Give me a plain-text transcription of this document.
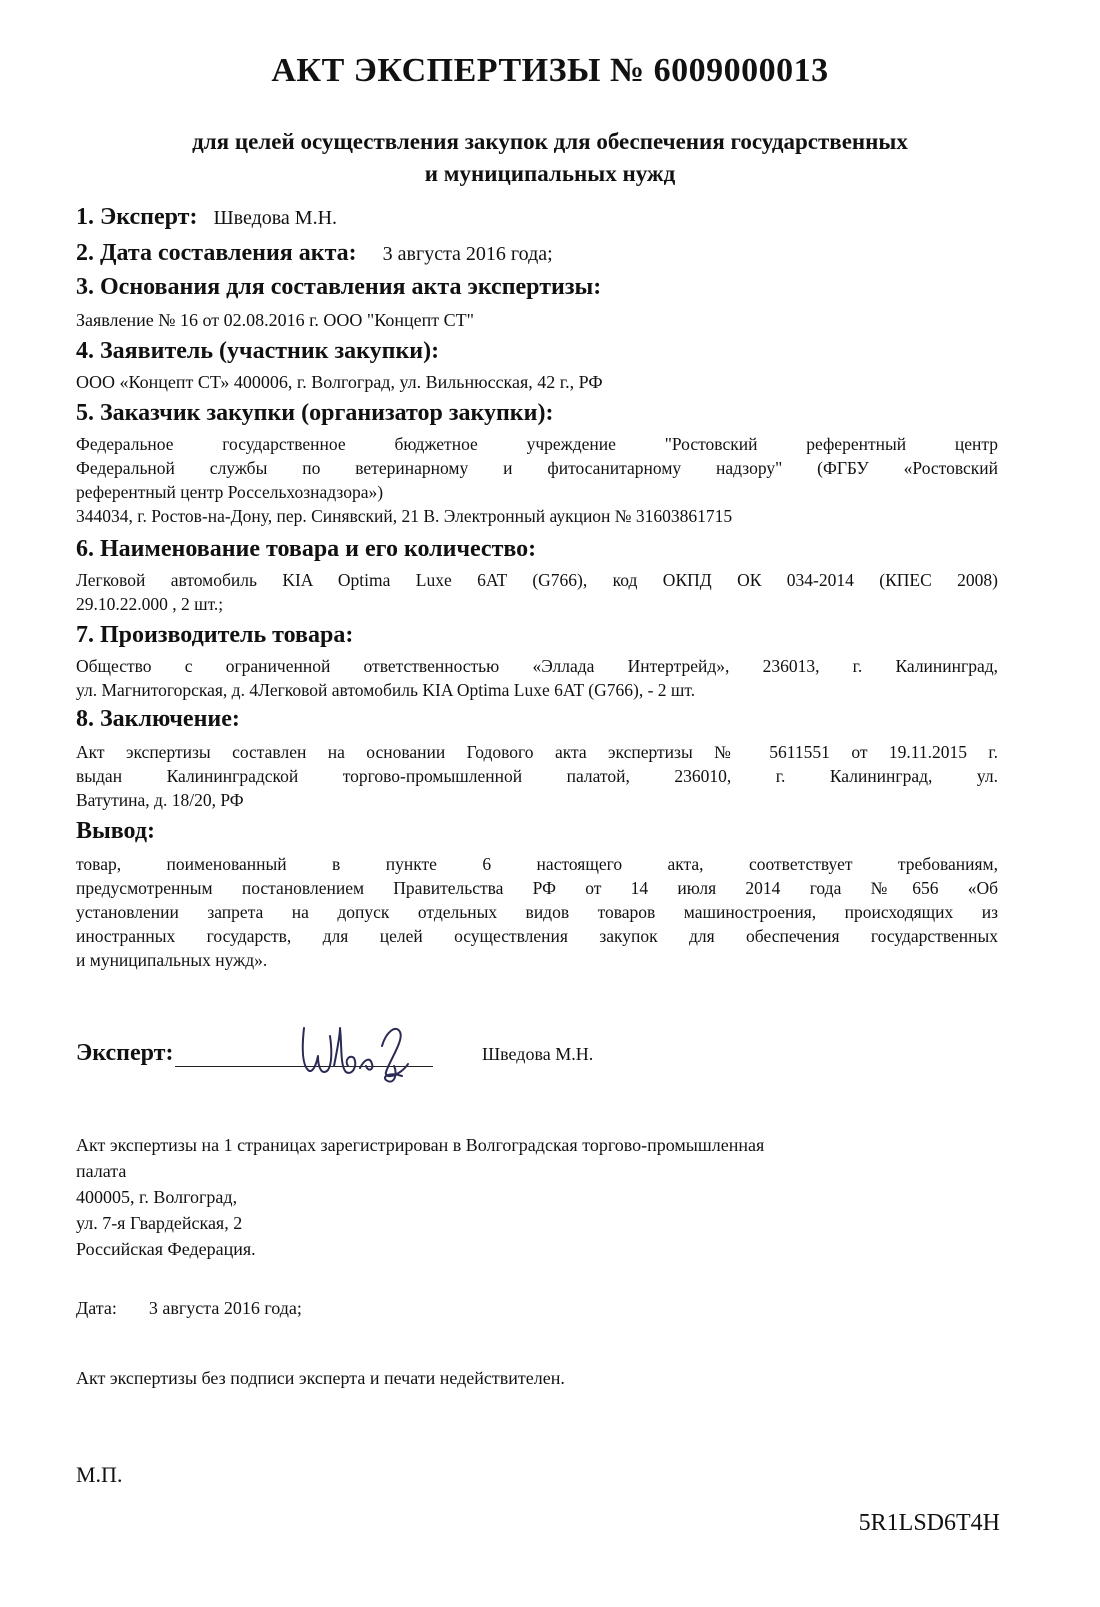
АКТ ЭКСПЕРТИЗЫ № 6009000013
для целей осуществления закупок для обеспечения государственных
и муниципальных нужд
1. Эксперт: Шведова М.Н.
2. Дата составления акта: 3 августа 2016 года;
3. Основания для составления акта экспертизы:
Заявление № 16 от 02.08.2016 г. ООО "Концепт СТ"
4. Заявитель (участник закупки):
ООО «Концепт СТ» 400006, г. Волгоград, ул. Вильнюсская, 42 г., РФ
5. Заказчик закупки (организатор закупки):
Федеральное государственное бюджетное учреждение "Ростовский референтный центр
Федеральной службы по ветеринарному и фитосанитарному надзору" (ФГБУ «Ростовский
референтный центр Россельхознадзора»)
344034, г. Ростов-на-Дону, пер. Синявский, 21 В. Электронный аукцион № 31603861715
6. Наименование товара и его количество:
Легковой автомобиль KIA Optima Luxe 6AT (G766), код ОКПД ОК 034-2014 (КПЕС 2008)
29.10.22.000 , 2 шт.;
7. Производитель товара:
Общество с ограниченной ответственностью «Эллада Интертрейд», 236013, г. Калининград,
ул. Магнитогорская, д. 4Легковой автомобиль KIA Optima Luxe 6AT (G766), - 2 шт.
8. Заключение:
Акт экспертизы составлен на основании Годового акта экспертизы № 5611551 от 19.11.2015 г.
выдан Калининградской торгово-промышленной палатой, 236010, г. Калининград, ул.
Ватутина, д. 18/20, РФ
Вывод:
товар, поименованный в пункте 6 настоящего акта, соответствует требованиям,
предусмотренным постановлением Правительства РФ от 14 июля 2014 года №656 «Об
установлении запрета на допуск отдельных видов товаров машиностроения, происходящих из
иностранных государств, для целей осуществления закупок для обеспечения государственных
и муниципальных нужд».
Эксперт:	Шведова М.Н.
Акт экспертизы на 1 страницах зарегистрирован в Волгоградская торгово-промышленная
палата
400005, г. Волгоград,
ул. 7-я Гвардейская, 2
Российская Федерация.
Дата: 3 августа 2016 года;
Акт экспертизы без подписи эксперта и печати недействителен.
М.П.
5R1LSD6T4H
